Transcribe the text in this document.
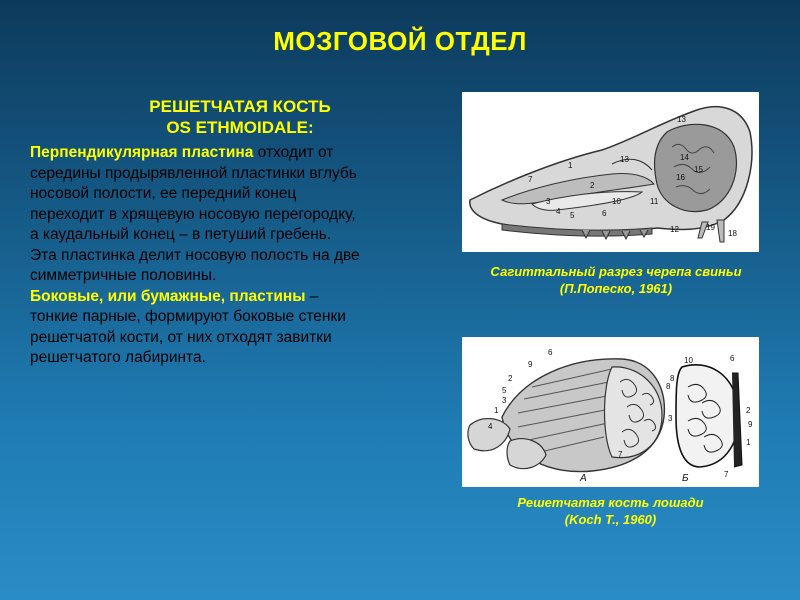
МОЗГОВОЙ ОТДЕЛ
РЕШЕТЧАТАЯ КОСТЬ
OS ETHMOIDALE:
Перпендикулярная пластина отходит от
середины продырявленной пластинки вглубь
носовой полости, ее передний конец
переходит в хрящевую носовую перегородку,
а каудальный конец – в петуший гребень.
Эта пластинка делит носовую полость на две
симметричные половины.
Боковые, или бумажные, пластины –
тонкие парные, формируют боковые стенки
решетчатой кости, от них отходят завитки
решетчатого лабиринта.
13
1
13	14
15
16
7
2
3
4 5
10	11
6
12	19
18
Сагиттальный разрез черепа свиньи
(П.Попеско, 1961)
6
9
2
5
3
1
4
8
7
А
10	6
8
2
9
3
1
7
Б
Решетчатая кость лошади
(Koch T., 1960)
